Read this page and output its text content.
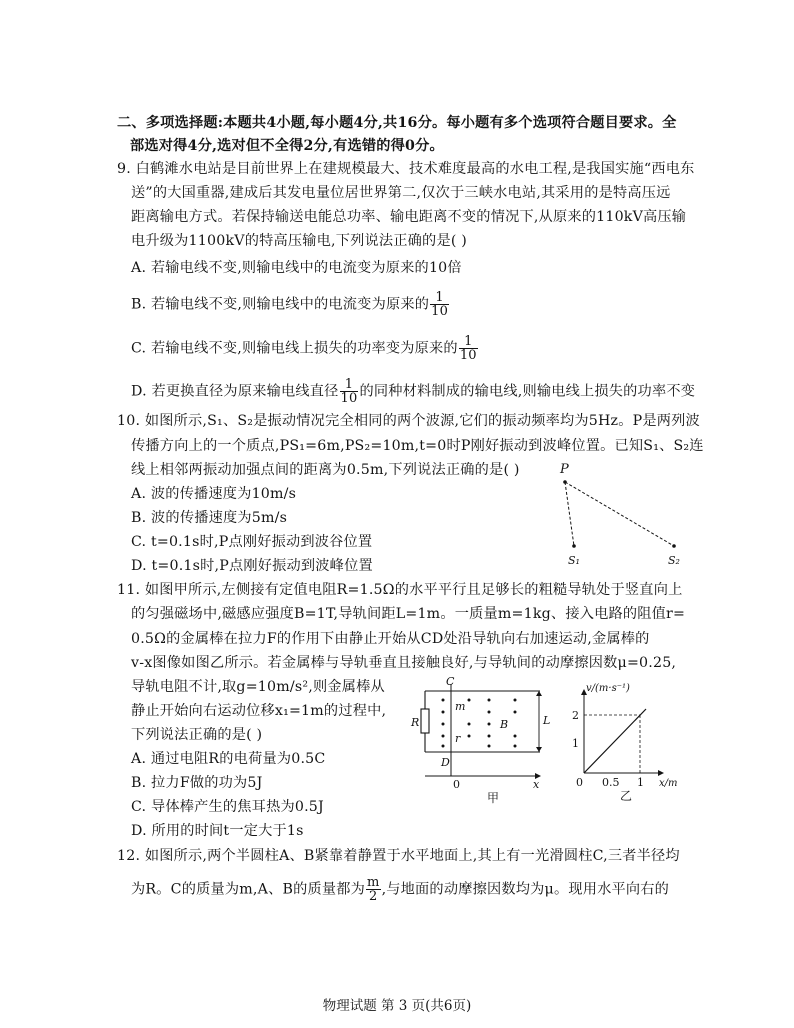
二、多项选择题:本题共4小题,每小题4分,共16分。每小题有多个选项符合题目要求。全
部选对得4分,选对但不全得2分,有选错的得0分。
9. 白鹤滩水电站是目前世界上在建规模最大、技术难度最高的水电工程,是我国实施“西电东
送”的大国重器,建成后其发电量位居世界第二,仅次于三峡水电站,其采用的是特高压远
距离输电方式。若保持输送电能总功率、输电距离不变的情况下,从原来的110kV高压输
电升级为1100kV的特高压输电,下列说法正确的是( )
A. 若输电线不变,则输电线中的电流变为原来的10倍
B. 若输电线不变,则输电线中的电流变为原来的 $\frac{1}{10}$
C. 若输电线不变,则输电线上损失的功率变为原来的 $\frac{1}{10}$
D. 若更换直径为原来输电线直径 $\frac{1}{10}$ 的同种材料制成的输电线,则输电线上损失的功率不变
10. 如图所示,S₁、S₂是振动情况完全相同的两个波源,它们的振动频率均为5Hz。P是两列波
传播方向上的一个质点,PS₁=6m,PS₂=10m,t=0时P刚好振动到波峰位置。已知S₁、S₂连
线上相邻两振动加强点间的距离为0.5m,下列说法正确的是( )
A. 波的传播速度为10m/s
B. 波的传播速度为5m/s
C. t=0.1s时,P点刚好振动到波谷位置
D. t=0.1s时,P点刚好振动到波峰位置
P
S₁	S₂
11. 如图甲所示,左侧接有定值电阻R=1.5Ω的水平平行且足够长的粗糙导轨处于竖直向上
的匀强磁场中,磁感应强度B=1T,导轨间距L=1m。一质量m=1kg、接入电路的阻值r=
0.5Ω的金属棒在拉力F的作用下由静止开始从CD处沿导轨向右加速运动,金属棒的
v-x图像如图乙所示。若金属棒与导轨垂直且接触良好,与导轨间的动摩擦因数μ=0.25,
导轨电阻不计,取g=10m/s²,则金属棒从
静止开始向右运动位移x₁=1m的过程中,
下列说法正确的是( )
A. 通过电阻R的电荷量为0.5C
B. 拉力F做的功为5J
C. 导体棒产生的焦耳热为0.5J
D. 所用的时间t一定大于1s
C
D
R
m
r
B	L
0	x
甲
v/(m·s⁻¹)
2
1
0 0.5 1 x/m
乙
12. 如图所示,两个半圆柱A、B紧靠着静置于水平地面上,其上有一光滑圆柱C,三者半径均
为R。C的质量为m,A、B的质量都为 $\frac{m}{2}$ ,与地面的动摩擦因数均为μ。现用水平向右的
物理试题 第 3 页(共6页)
